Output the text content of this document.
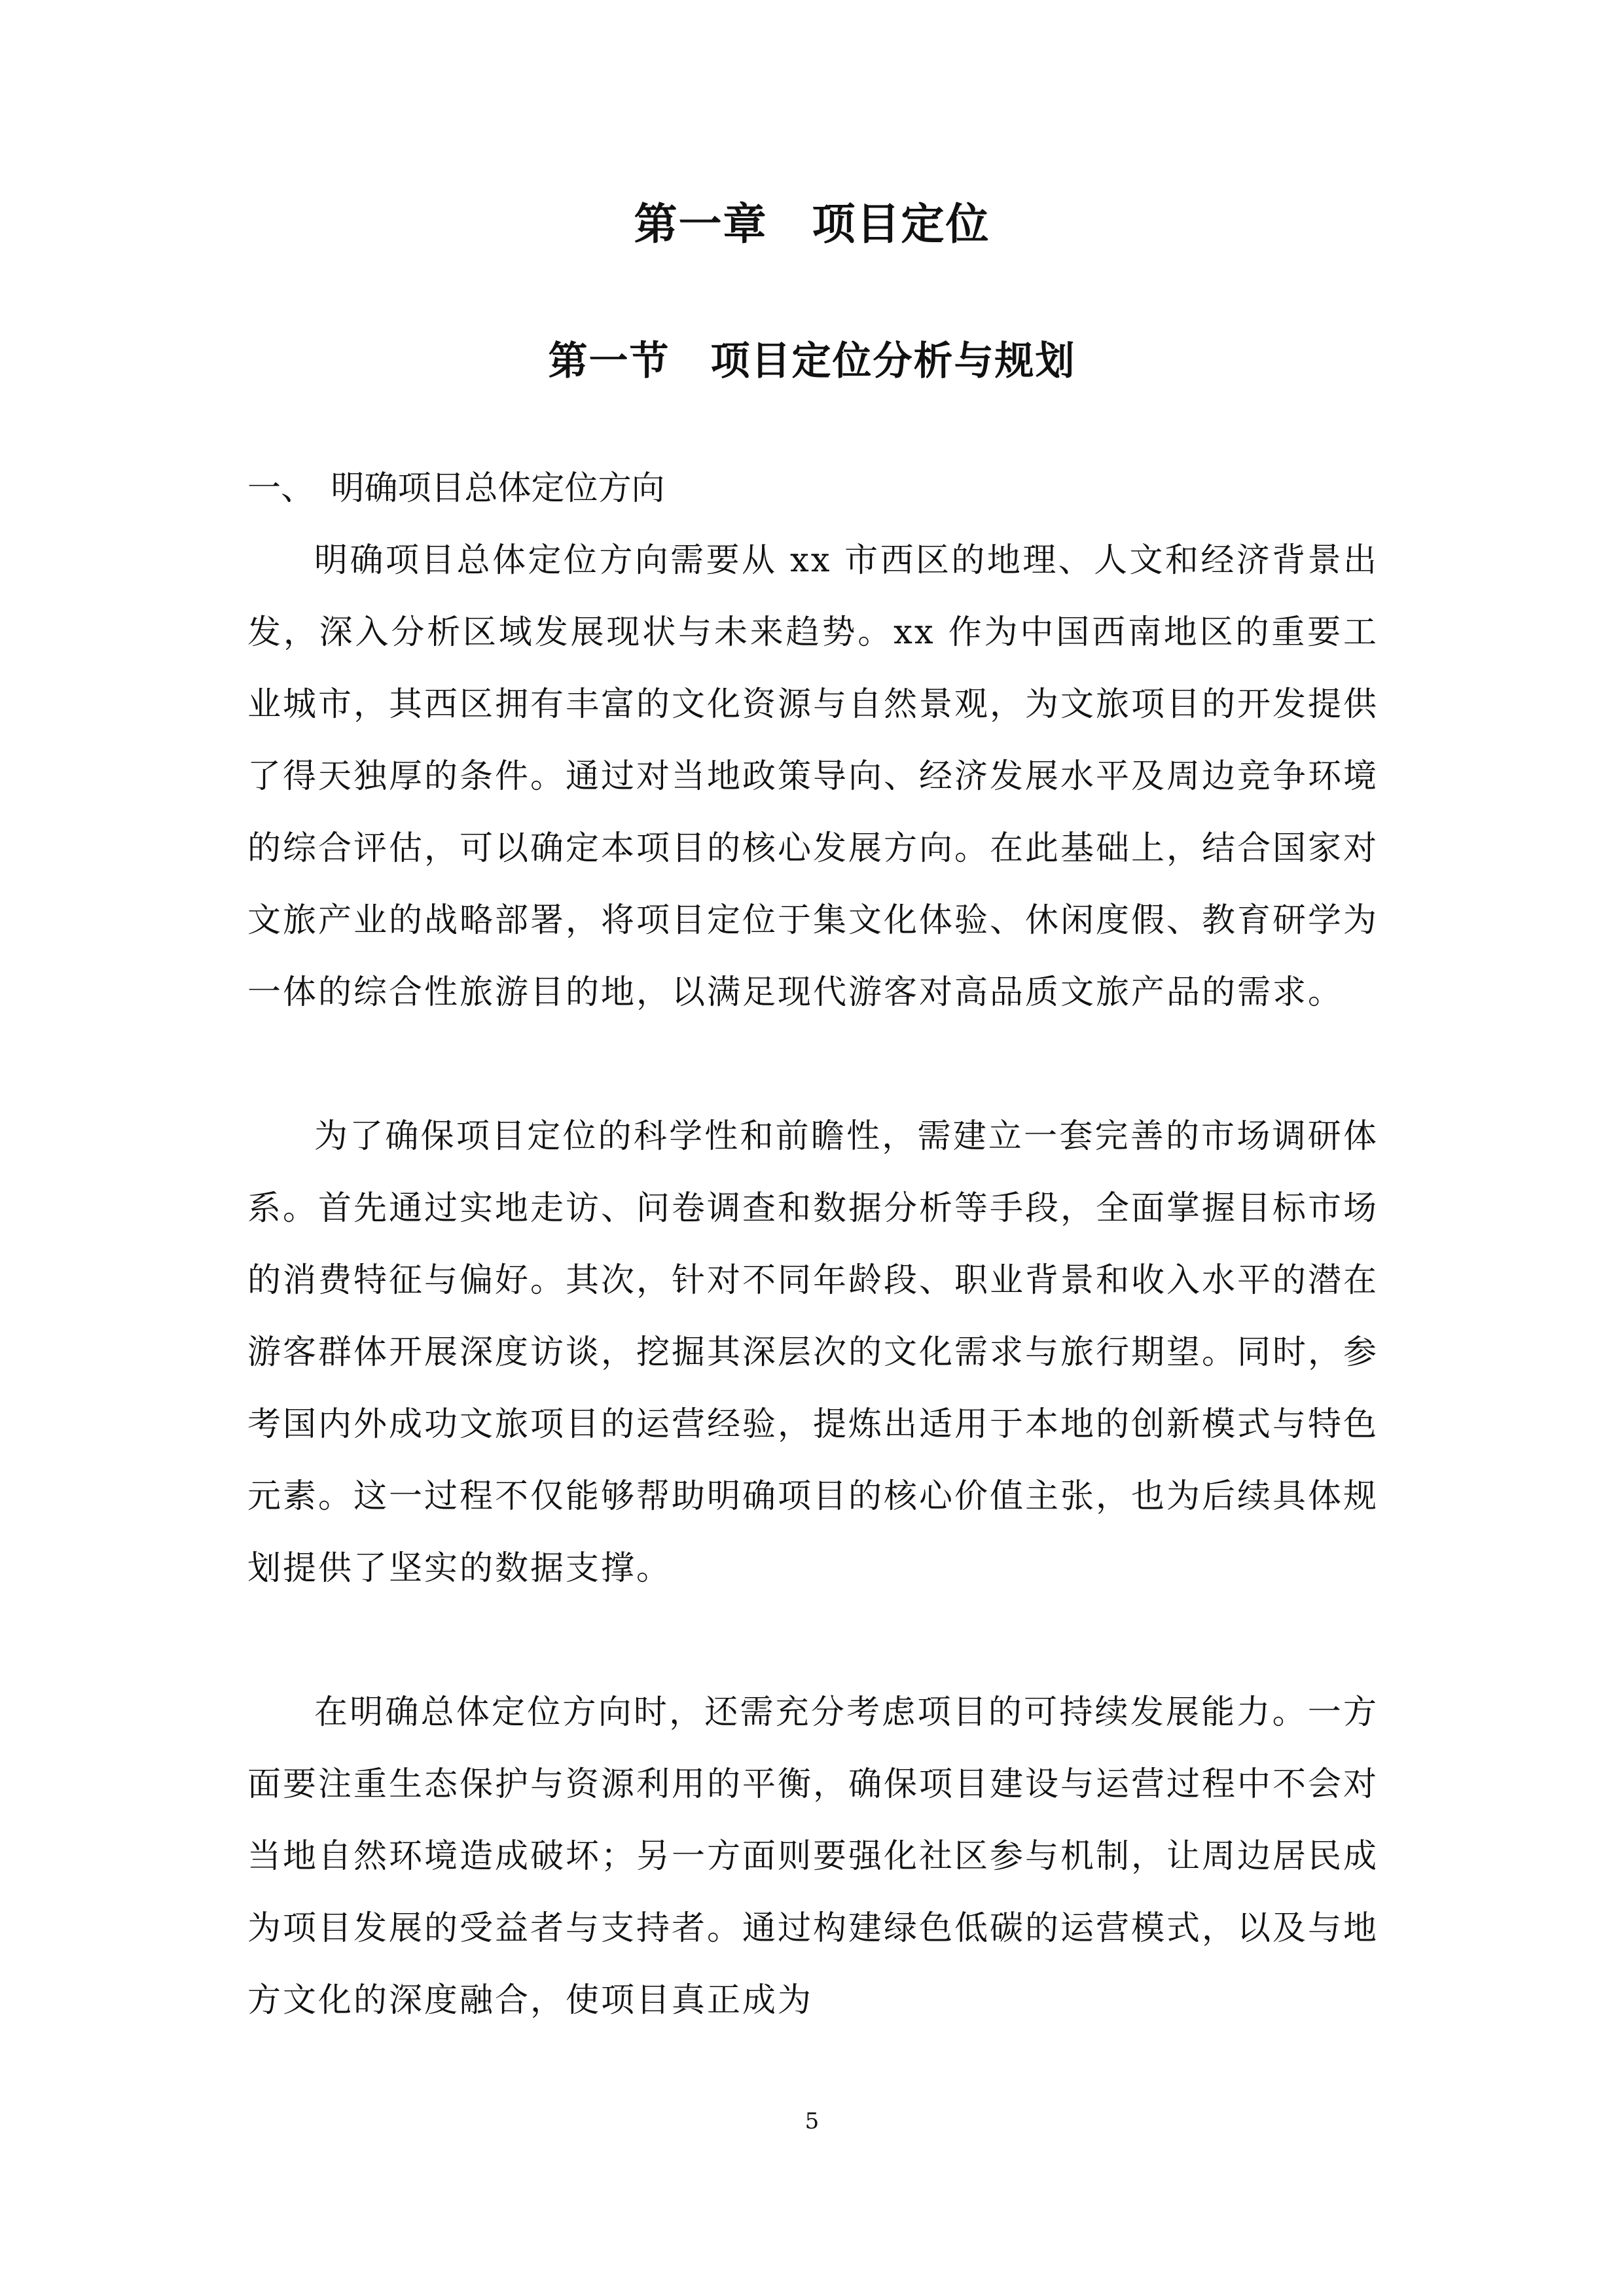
第一章　项目定位
第一节　项目定位分析与规划
一、　明确项目总体定位方向

明确项目总体定位方向需要从 xx 市西区的地理、人文和经济背景出发，深入分析区域发展现状与未来趋势。xx 作为中国西南地区的重要工业城市，其西区拥有丰富的文化资源与自然景观，为文旅项目的开发提供了得天独厚的条件。通过对当地政策导向、经济发展水平及周边竞争环境的综合评估，可以确定本项目的核心发展方向。在此基础上，结合国家对文旅产业的战略部署，将项目定位于集文化体验、休闲度假、教育研学为一体的综合性旅游目的地，以满足现代游客对高品质文旅产品的需求。

为了确保项目定位的科学性和前瞻性，需建立一套完善的市场调研体系。首先通过实地走访、问卷调查和数据分析等手段，全面掌握目标市场的消费特征与偏好。其次，针对不同年龄段、职业背景和收入水平的潜在游客群体开展深度访谈，挖掘其深层次的文化需求与旅行期望。同时，参考国内外成功文旅项目的运营经验，提炼出适用于本地的创新模式与特色元素。这一过程不仅能够帮助明确项目的核心价值主张，也为后续具体规划提供了坚实的数据支撑。

在明确总体定位方向时，还需充分考虑项目的可持续发展能力。一方面要注重生态保护与资源利用的平衡，确保项目建设与运营过程中不会对当地自然环境造成破坏；另一方面则要强化社区参与机制，让周边居民成为项目发展的受益者与支持者。通过构建绿色低碳的运营模式，以及与地方文化的深度融合，使项目真正成为

5
